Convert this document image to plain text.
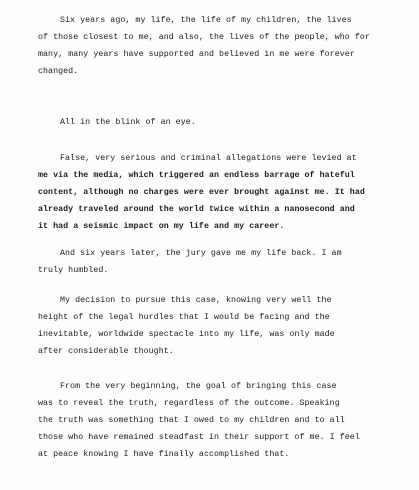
Six years ago, my life, the life of my children, the lives
of those closest to me, and also, the lives of the people, who for
many, many years have supported and believed in me were forever
changed.

All in the blink of an eye.

False, very serious and criminal allegations were levied at
me via the media, which triggered an endless barrage of hateful
content, although no charges were ever brought against me. It had
already traveled around the world twice within a nanosecond and
it had a seismic impact on my life and my career.

And six years later, the jury gave me my life back. I am
truly humbled.

My decision to pursue this case, knowing very well the
height of the legal hurdles that I would be facing and the
inevitable, worldwide spectacle into my life, was only made
after considerable thought.

From the very beginning, the goal of bringing this case
was to reveal the truth, regardless of the outcome. Speaking
the truth was something that I owed to my children and to all
those who have remained steadfast in their support of me. I feel
at peace knowing I have finally accomplished that.
